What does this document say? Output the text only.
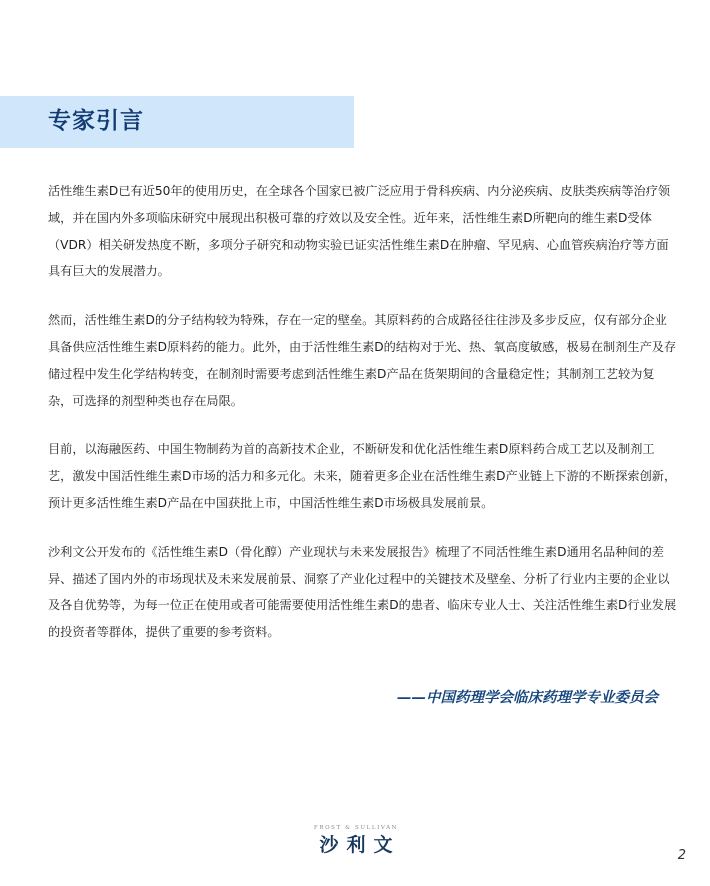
专家引言

活性维生素D已有近50年的使用历史，在全球各个国家已被广泛应用于骨科疾病、内分泌疾病、皮肤类疾病等治疗领
域，并在国内外多项临床研究中展现出积极可靠的疗效以及安全性。近年来，活性维生素D所靶向的维生素D受体
（VDR）相关研发热度不断，多项分子研究和动物实验已证实活性维生素D在肿瘤、罕见病、心血管疾病治疗等方面
具有巨大的发展潜力。

然而，活性维生素D的分子结构较为特殊，存在一定的壁垒。其原料药的合成路径往往涉及多步反应，仅有部分企业
具备供应活性维生素D原料药的能力。此外，由于活性维生素D的结构对于光、热、氧高度敏感，极易在制剂生产及存
储过程中发生化学结构转变，在制剂时需要考虑到活性维生素D产品在货架期间的含量稳定性；其制剂工艺较为复
杂，可选择的剂型种类也存在局限。

目前，以海融医药、中国生物制药为首的高新技术企业，不断研发和优化活性维生素D原料药合成工艺以及制剂工
艺，激发中国活性维生素D市场的活力和多元化。未来，随着更多企业在活性维生素D产业链上下游的不断探索创新，
预计更多活性维生素D产品在中国获批上市，中国活性维生素D市场极具发展前景。

沙利文公开发布的《活性维生素D（骨化醇）产业现状与未来发展报告》梳理了不同活性维生素D通用名品种间的差
异、描述了国内外的市场现状及未来发展前景、洞察了产业化过程中的关键技术及壁垒、分析了行业内主要的企业以
及各自优势等，为每一位正在使用或者可能需要使用活性维生素D的患者、临床专业人士、关注活性维生素D行业发展
的投资者等群体，提供了重要的参考资料。

——中国药理学会临床药理学专业委员会
FROST & SULLIVAN
沙利文	2
